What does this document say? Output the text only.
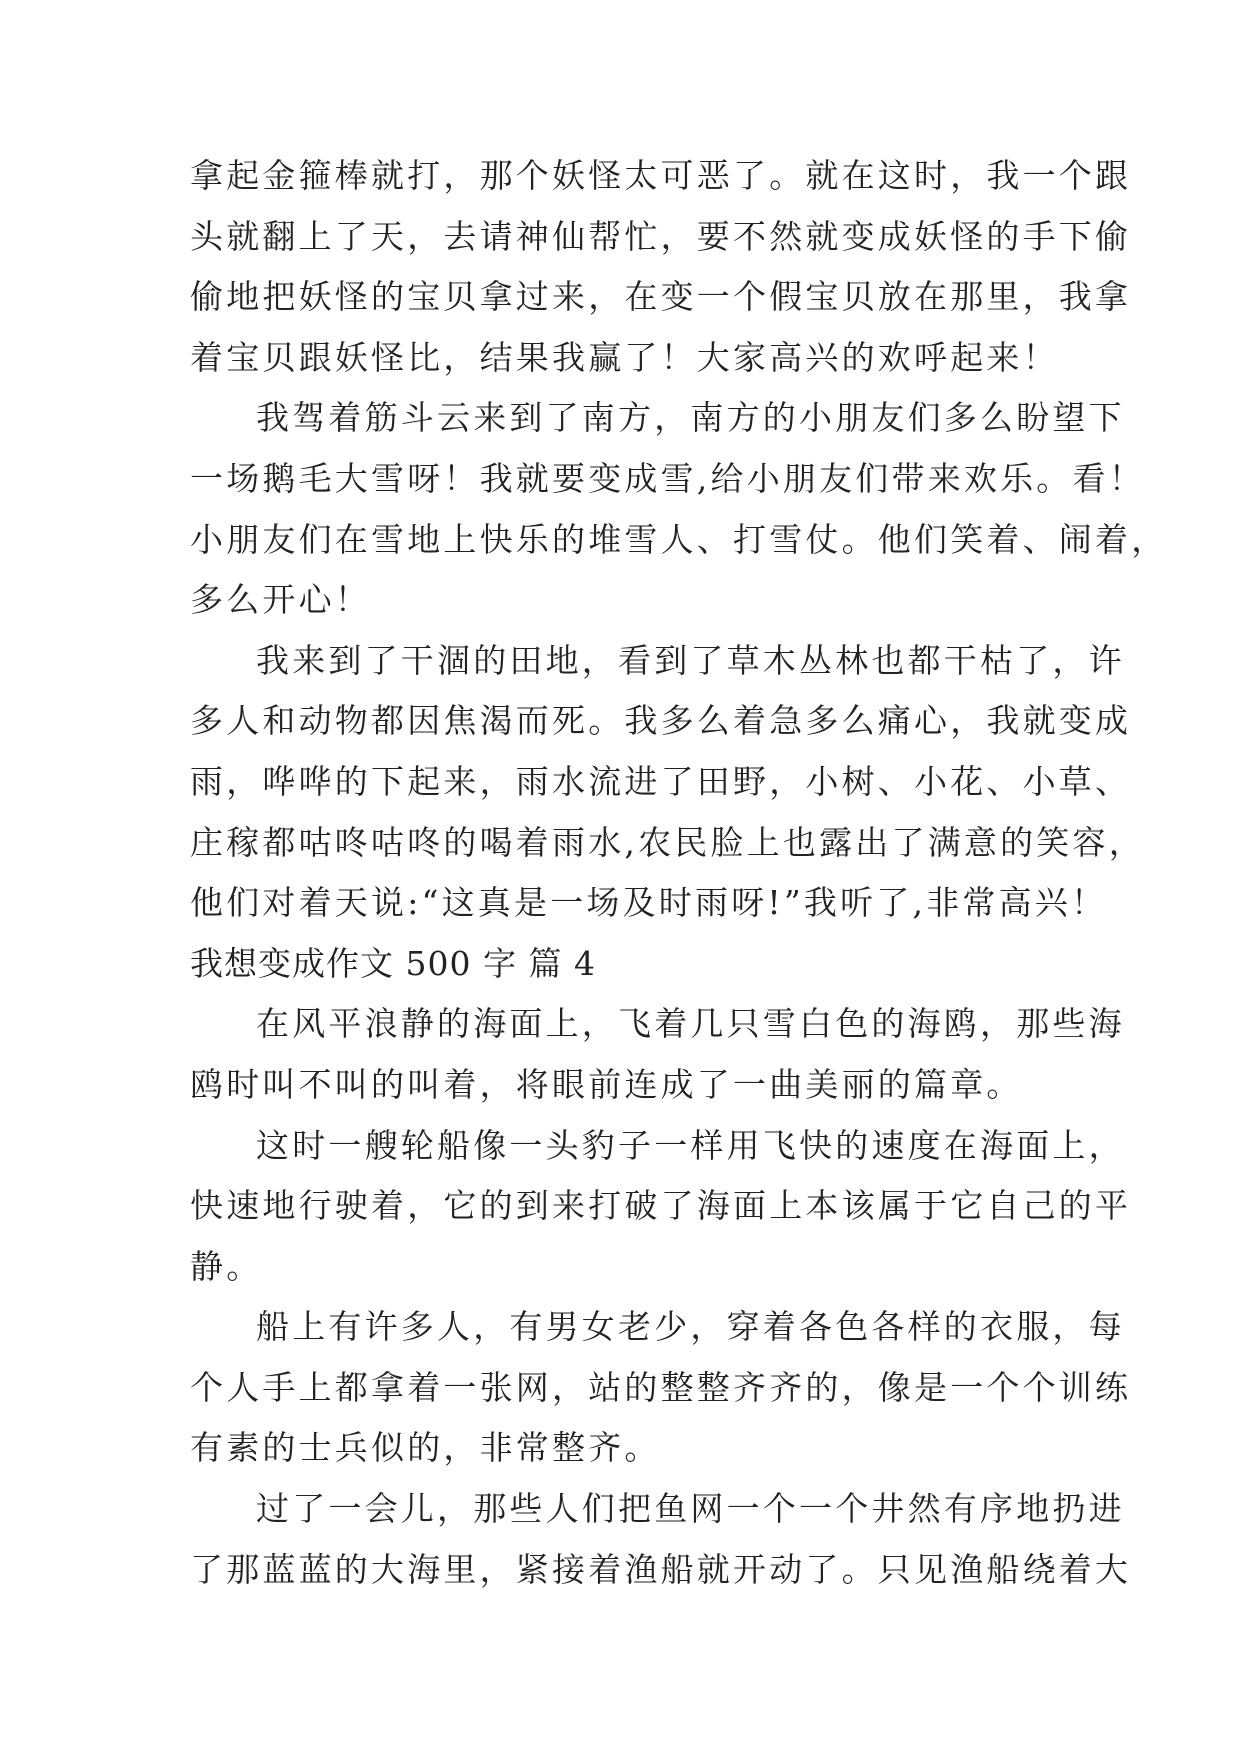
拿起金箍棒就打，那个妖怪太可恶了。就在这时，我一个跟
头就翻上了天，去请神仙帮忙，要不然就变成妖怪的手下偷
偷地把妖怪的宝贝拿过来，在变一个假宝贝放在那里，我拿
着宝贝跟妖怪比，结果我赢了！大家高兴的欢呼起来！
我驾着筋斗云来到了南方，南方的小朋友们多么盼望下
一场鹅毛大雪呀！我就要变成雪,给小朋友们带来欢乐。看！
小朋友们在雪地上快乐的堆雪人、打雪仗。他们笑着、闹着，
多么开心！
我来到了干涸的田地，看到了草木丛林也都干枯了，许
多人和动物都因焦渴而死。我多么着急多么痛心，我就变成
雨，哗哗的下起来，雨水流进了田野，小树、小花、小草、
庄稼都咕咚咕咚的喝着雨水,农民脸上也露出了满意的笑容，
他们对着天说:“这真是一场及时雨呀!”我听了,非常高兴！
我想变成作文 500 字 篇 4
在风平浪静的海面上，飞着几只雪白色的海鸥，那些海
鸥时叫不叫的叫着，将眼前连成了一曲美丽的篇章。
这时一艘轮船像一头豹子一样用飞快的速度在海面上，
快速地行驶着，它的到来打破了海面上本该属于它自己的平
静。
船上有许多人，有男女老少，穿着各色各样的衣服，每
个人手上都拿着一张网，站的整整齐齐的，像是一个个训练
有素的士兵似的，非常整齐。
过了一会儿，那些人们把鱼网一个一个井然有序地扔进
了那蓝蓝的大海里，紧接着渔船就开动了。只见渔船绕着大
